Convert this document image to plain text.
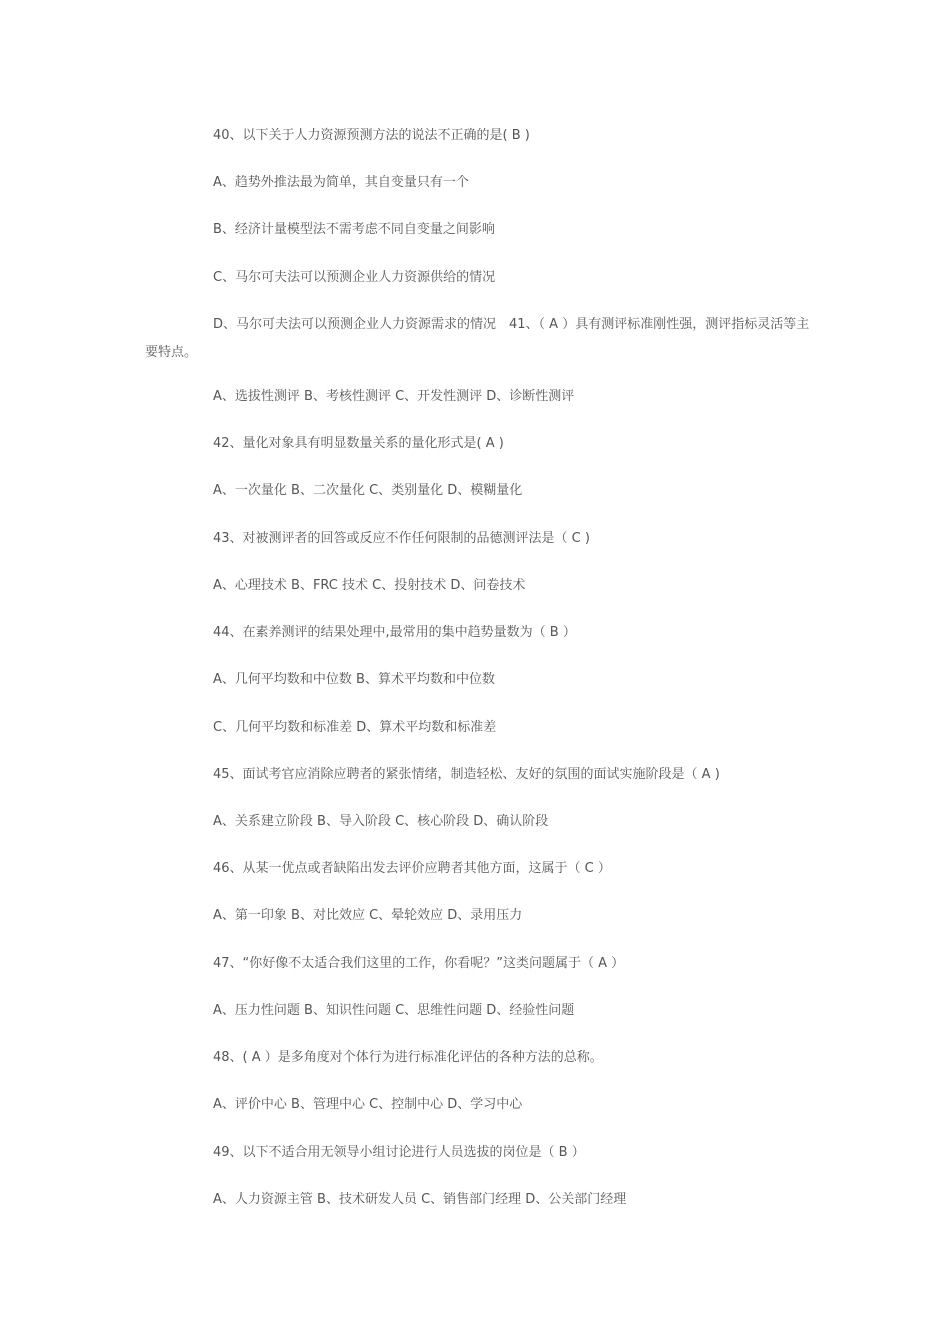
40、以下关于人力资源预测方法的说法不正确的是( B )
A、趋势外推法最为简单，其自变量只有一个
B、经济计量模型法不需考虑不同自变量之间影响
C、马尔可夫法可以预测企业人力资源供给的情况
D、马尔可夫法可以预测企业人力资源需求的情况　41、（ A ）具有测评标准刚性强，测评指标灵活等主要特点。
A、选拔性测评 B、考核性测评 C、开发性测评 D、诊断性测评
42、量化对象具有明显数量关系的量化形式是( A )
A、一次量化 B、二次量化 C、类别量化 D、模糊量化
43、对被测评者的回答或反应不作任何限制的品德测评法是（ C )
A、心理技术 B、FRC 技术 C、投射技术 D、问卷技术
44、在素养测评的结果处理中,最常用的集中趋势量数为（ B ）
A、几何平均数和中位数 B、算术平均数和中位数
C、几何平均数和标准差 D、算术平均数和标准差
45、面试考官应消除应聘者的紧张情绪，制造轻松、友好的氛围的面试实施阶段是（ A )
A、关系建立阶段 B、导入阶段 C、核心阶段 D、确认阶段
46、从某一优点或者缺陷出发去评价应聘者其他方面，这属于（ C ）
A、第一印象 B、对比效应 C、晕轮效应 D、录用压力
47、“你好像不太适合我们这里的工作，你看呢？”这类问题属于（ A ）
A、压力性问题 B、知识性问题 C、思维性问题 D、经验性问题
48、( A ）是多角度对个体行为进行标准化评估的各种方法的总称。
A、评价中心 B、管理中心 C、控制中心 D、学习中心
49、以下不适合用无领导小组讨论进行人员选拔的岗位是（ B ）
A、人力资源主管 B、技术研发人员 C、销售部门经理 D、公关部门经理
